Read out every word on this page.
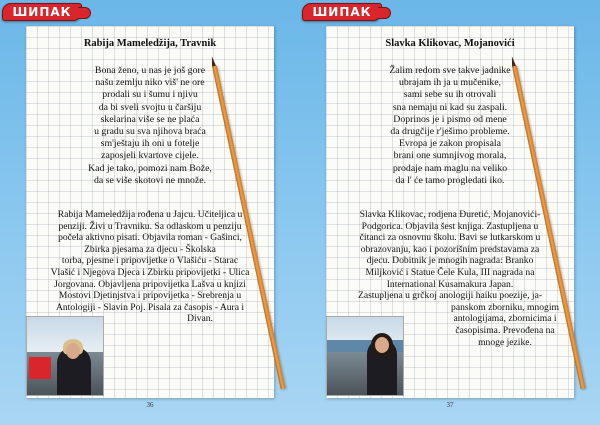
ШИПАК
Rabija Mameledžija, Travnik
Bona ženo, u nas je još gore
našu zemlju niko viš' ne ore
prodali su i šumu i njivu
da bi sveli svojtu u čaršiju
skelarina više se ne plaća
u gradu su sva njihova braća
sm'ještaju ih oni u fotelje
zaposjeli kvartove cijele.
Kad je tako, pomozi nam Bože,
da se više skotovi ne množe.
Rabija Mameledžija rođena u Jajcu. Učiteljica u
penziji. Živi u Travniku. Sa odlaskom u penziju
počela aktivno pisati. Objavila roman - Gašinci,
Zbirka pjesama za djecu - Školska
torba, pjesme i pripovijetke o Vlašiću - Starac
Vlašić i Njegova Djeca i Zbirku pripovijetki - Ulica
Jorgovana. Objavljena pripovijetka Lašva u knjizi
Mostovi Djetinjstva i pripovijetka - Srebrenja u
Antologiji - Slavin Poj. Pisala za časopis - Aura i
Divan.
36
ШИПАК
Slavka Klikovac, Mojanovići
Žalim redom sve takve jadnike
ubrajam ih ja u mučenike,
sami sebe su ih otrovali
sna nemaju ni kad su zaspali.
Doprinos je i pismo od mene
da drugčije r'ješimo probleme.
Evropa je zakon propisala
brani one sumnjivog morala,
prodaje nam maglu na veliko
da l' će tamo progledati iko.
Slavka Klikovac, rodjena Đuretić, Mojanovići-
Podgorica. Objavila šest knjiga. Zastupljena u
čitanci za osnovnu školu. Bavi se lutkarskom u
obrazovanju, kao i pozorišnim predstavama za
djecu. Dobitnik je mnogih nagrada: Branko
Miljković i Statue Čele Kula, III nagrada na
International Kusamakura Japan.
Zastupljena u grčkoj anologiji haiku poezije, ja-
panskom zborniku, mnogim
antologijama, zbornicima i
časopisima. Prevođena na
mnoge jezike.
37
